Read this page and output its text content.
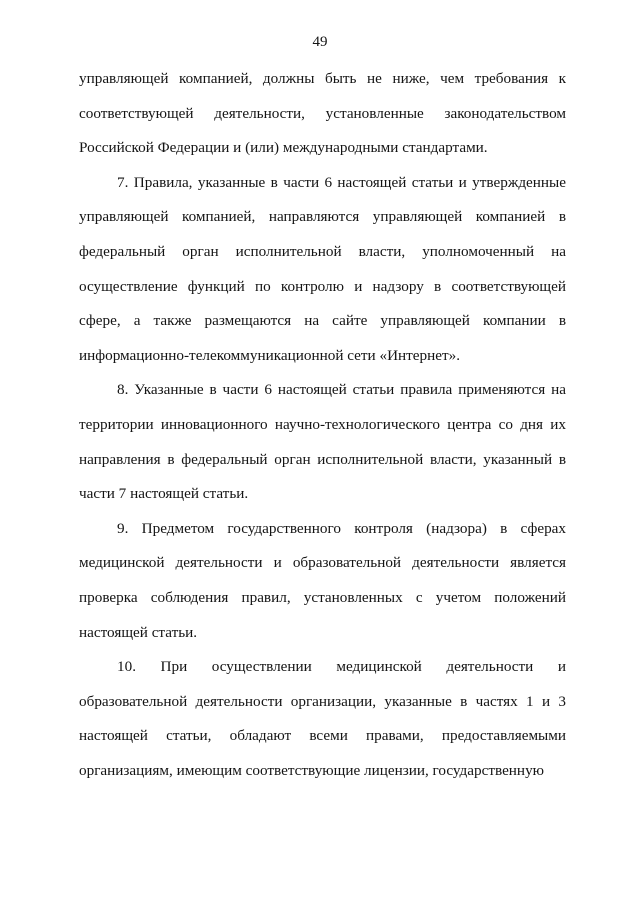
49

управляющей компанией, должны быть не ниже, чем требования к соответствующей деятельности, установленные законодательством Российской Федерации и (или) международными стандартами.

7. Правила, указанные в части 6 настоящей статьи и утвержденные управляющей компанией, направляются управляющей компанией в федеральный орган исполнительной власти, уполномоченный на осуществление функций по контролю и надзору в соответствующей сфере, а также размещаются на сайте управляющей компании в информационно-телекоммуникационной сети «Интернет».

8. Указанные в части 6 настоящей статьи правила применяются на территории инновационного научно-технологического центра со дня их направления в федеральный орган исполнительной власти, указанный в части 7 настоящей статьи.

9. Предметом государственного контроля (надзора) в сферах медицинской деятельности и образовательной деятельности является проверка соблюдения правил, установленных с учетом положений настоящей статьи.

10. При осуществлении медицинской деятельности и образовательной деятельности организации, указанные в частях 1 и 3 настоящей статьи, обладают всеми правами, предоставляемыми организациям, имеющим соответствующие лицензии, государственную
